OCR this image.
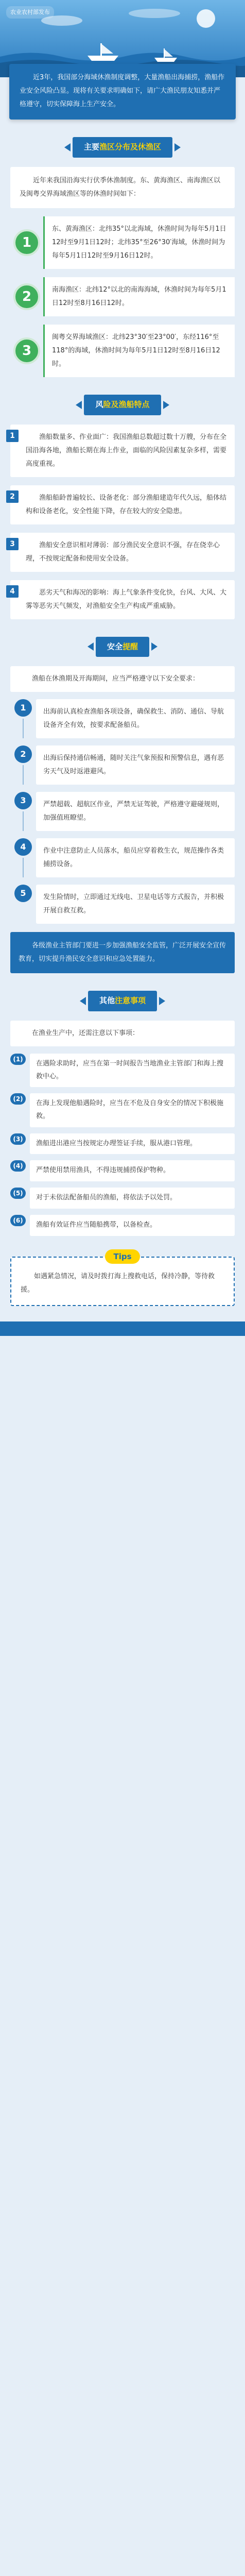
农业农村部发布

近3年，我国部分海域休渔制度调整，大量渔船出海捕捞，渔船作业安全风险凸显。现将有关要求明确如下，请广大渔民朋友知悉并严格遵守，切实保障海上生产安全。

主要 渔区分布及休渔区
近年来我国沿海实行伏季休渔制度。东、黄海渔区、南海渔区以及闽粤交界海域渔区等的休渔时间如下：
1
东、黄海渔区：北纬35°以北海域，休渔时间为每年5月1日12时至9月1日12时；北纬35°至26°30′海域，休渔时间为每年5月1日12时至9月16日12时。
2	南海渔区：北纬12°以北的南海海域，休渔时间为每年5月1日12时至8月16日12时。
3
闽粤交界海域渔区：北纬23°30′至23°00′，东经116°至118°的海域，休渔时间为每年5月1日12时至8月16日12时。
风 险及渔船特点
1	渔船数量多、作业面广：我国渔船总数超过数十万艘，分布在全国沿海各地，渔船长期在海上作业，面临的风险因素复杂多样，需要高度重视。
2	渔船船龄普遍较长、设备老化：部分渔船建造年代久远，船体结构和设备老化，安全性能下降，存在较大的安全隐患。
3	渔船安全意识相对薄弱：部分渔民安全意识不强，存在侥幸心理，不按规定配备和使用安全设备。
4	恶劣天气和海况的影响：海上气象条件变化快，台风、大风、大雾等恶劣天气频发，对渔船安全生产构成严重威胁。
安全 提醒
渔船在休渔期及开海期间，应当严格遵守以下安全要求：
1	出海前认真检查渔船各项设备，确保救生、消防、通信、导航设备齐全有效，按要求配备船员。
2	出海后保持通信畅通，随时关注气象预报和预警信息，遇有恶劣天气及时返港避风。
3	严禁超载、超航区作业，严禁无证驾驶，严格遵守避碰规则，加强值班瞭望。
4	作业中注意防止人员落水，船员应穿着救生衣，规范操作各类捕捞设备。
5	发生险情时，立即通过无线电、卫星电话等方式报告，并积极开展自救互救。
各级渔业主管部门要进一步加强渔船安全监管，广泛开展安全宣传教育，切实提升渔民安全意识和应急处置能力。
其他 注意事项
在渔业生产中，还需注意以下事项：
(1)
在遇险求助时，应当在第一时间报告当地渔业主管部门和海上搜救中心。
(2)
在海上发现他船遇险时，应当在不危及自身安全的情况下积极施救。
(3)
渔船进出港应当按规定办理签证手续，服从港口管理。
(4)
严禁使用禁用渔具，不得违规捕捞保护物种。
(5)
对于未依法配备船员的渔船，将依法予以处罚。
(6)
渔船有效证件应当随船携带，以备检查。
Tips
如遇紧急情况，请及时拨打海上搜救电话，保持冷静，等待救援。
